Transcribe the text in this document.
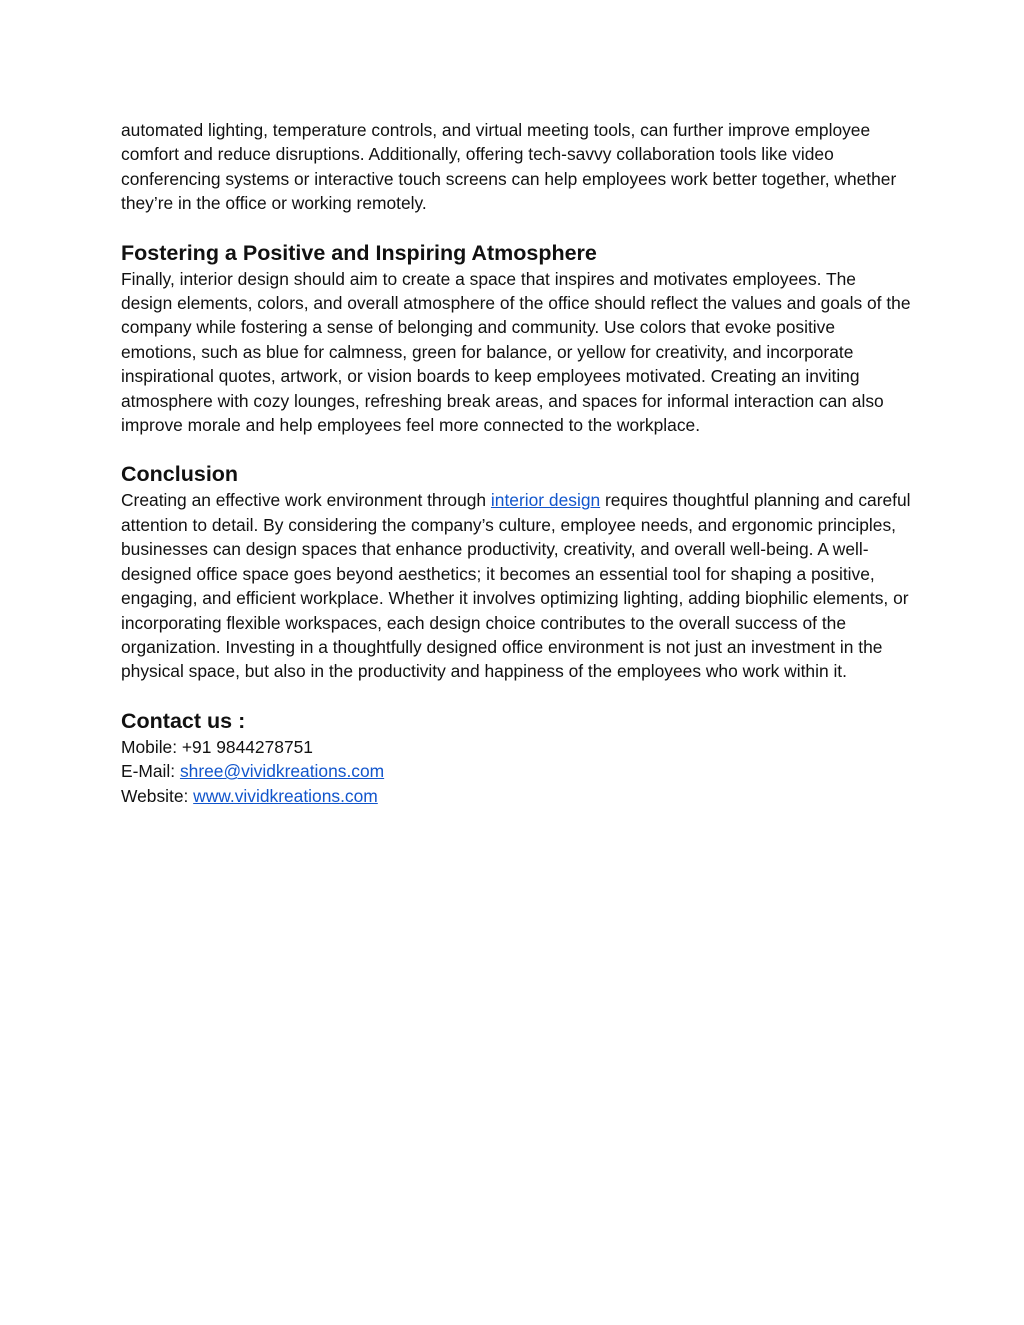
automated lighting, temperature controls, and virtual meeting tools, can further improve employee comfort and reduce disruptions. Additionally, offering tech-savvy collaboration tools like video conferencing systems or interactive touch screens can help employees work better together, whether they’re in the office or working remotely.

Fostering a Positive and Inspiring Atmosphere

Finally, interior design should aim to create a space that inspires and motivates employees. The design elements, colors, and overall atmosphere of the office should reflect the values and goals of the company while fostering a sense of belonging and community. Use colors that evoke positive emotions, such as blue for calmness, green for balance, or yellow for creativity, and incorporate inspirational quotes, artwork, or vision boards to keep employees motivated. Creating an inviting atmosphere with cozy lounges, refreshing break areas, and spaces for informal interaction can also improve morale and help employees feel more connected to the workplace.

Conclusion

Creating an effective work environment through interior design requires thoughtful planning and careful attention to detail. By considering the company’s culture, employee needs, and ergonomic principles, businesses can design spaces that enhance productivity, creativity, and overall well-being. A well-designed office space goes beyond aesthetics; it becomes an essential tool for shaping a positive, engaging, and efficient workplace. Whether it involves optimizing lighting, adding biophilic elements, or incorporating flexible workspaces, each design choice contributes to the overall success of the organization. Investing in a thoughtfully designed office environment is not just an investment in the physical space, but also in the productivity and happiness of the employees who work within it.

Contact us :

Mobile: +91 9844278751

E-Mail: shree@vividkreations.com

Website: www.vividkreations.com
